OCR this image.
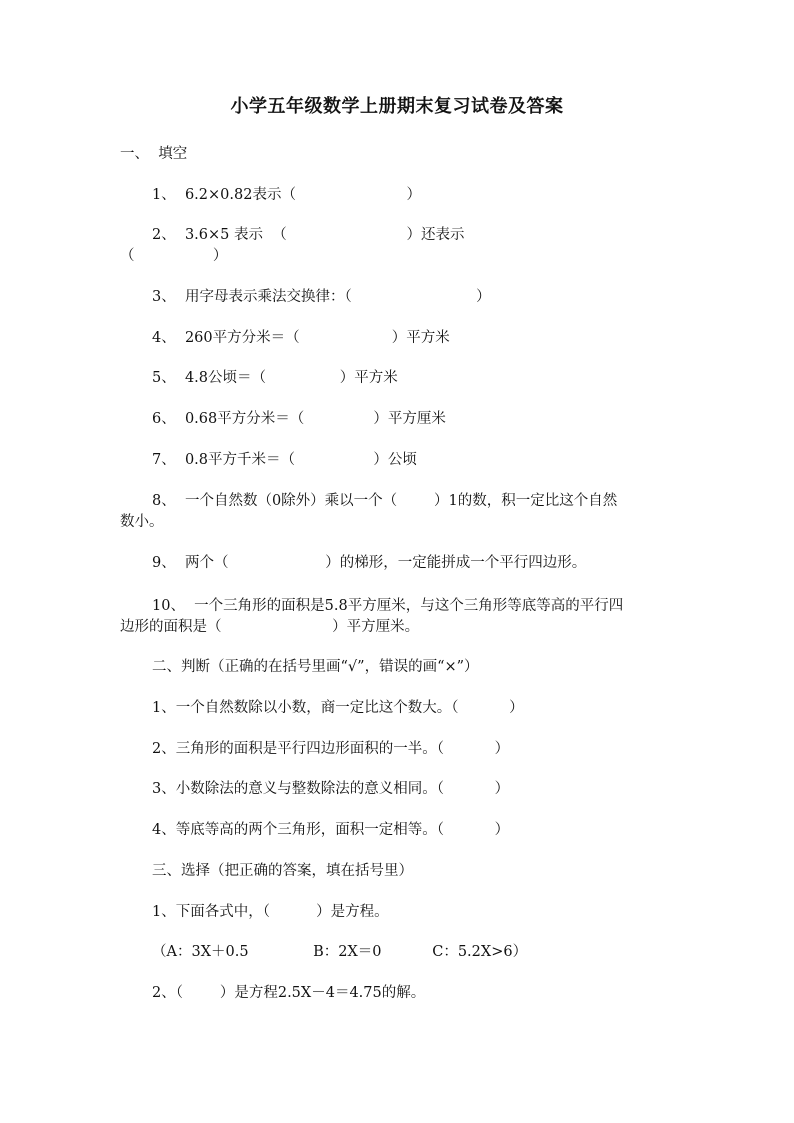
小学五年级数学上册期末复习试卷及答案
一、  填空
1、  6.2×0.82表示（                        ）
2、  3.6×5 表示  （                          ）还表示
（                 ）
3、  用字母表示乘法交换律：（                           ）
4、  260平方分米＝（                    ）平方米
5、  4.8公顷＝（                ）平方米
6、  0.68平方分米＝（               ）平方厘米
7、  0.8平方千米＝（                 ）公顷
8、  一个自然数（0除外）乘以一个（        ）1的数，积一定比这个自然
数小。
9、  两个（                     ）的梯形，一定能拼成一个平行四边形。
10、  一个三角形的面积是5.8平方厘米，与这个三角形等底等高的平行四
边形的面积是（                        ）平方厘米。
二、判断（正确的在括号里画“√”，错误的画“×”）
1、一个自然数除以小数，商一定比这个数大。（           ）
2、三角形的面积是平行四边形面积的一半。（           ）
3、小数除法的意义与整数除法的意义相同。（           ）
4、等底等高的两个三角形，面积一定相等。（           ）
三、选择（把正确的答案，填在括号里）
1、下面各式中，（          ）是方程。
（A：3X＋0.5              B：2X＝0           C：5.2X>6）
2、（        ）是方程2.5X－4＝4.75的解。
